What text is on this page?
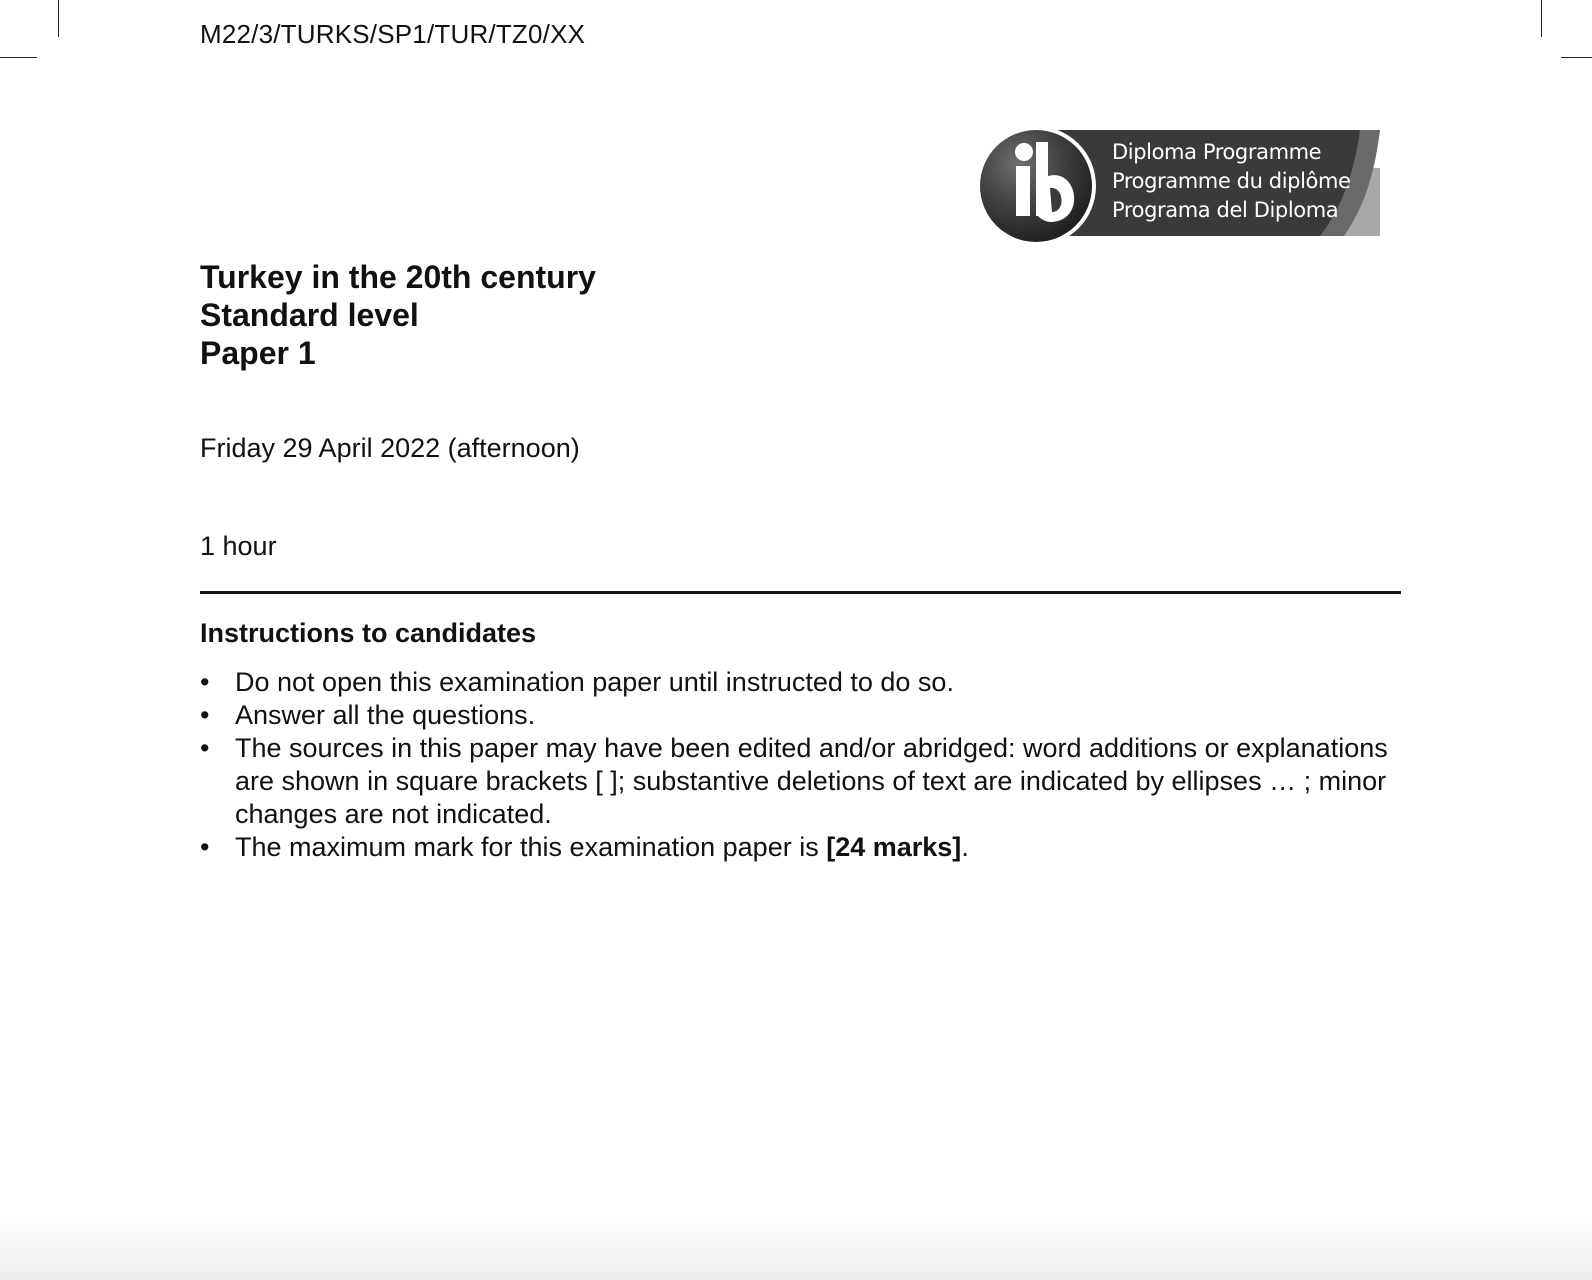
M22/3/TURKS/SP1/TUR/TZ0/XX
Diploma Programme
Programme du diplôme
Programa del Diploma
Turkey in the 20th century
Standard level
Paper 1
Friday 29 April 2022 (afternoon)
1 hour
Instructions to candidates
• Do not open this examination paper until instructed to do so.
• Answer all the questions.
• The sources in this paper may have been edited and/or abridged: word additions or explanations are shown in square brackets [ ]; substantive deletions of text are indicated by ellipses … ; minor changes are not indicated.
• The maximum mark for this examination paper is [24 marks].
